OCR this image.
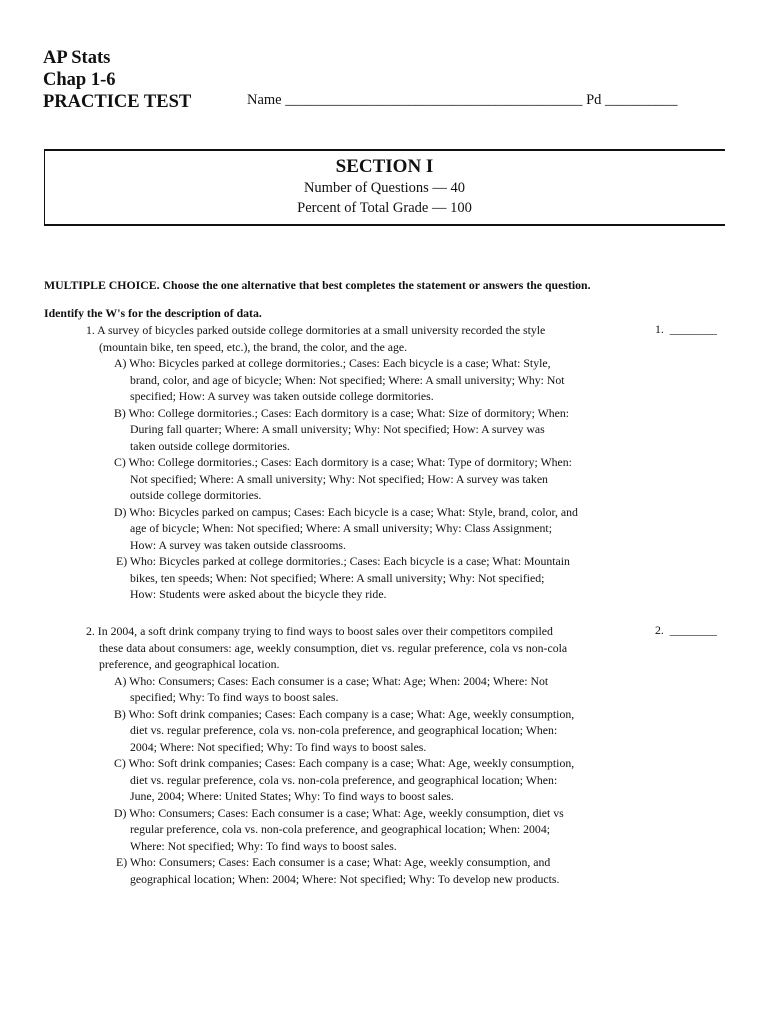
AP Stats
Chap 1-6
PRACTICE TEST	Name _________________________________________ Pd __________
SECTION I
Number of Questions — 40
Percent of Total Grade — 100
MULTIPLE CHOICE. Choose the one alternative that best completes the statement or answers the question.
Identify the W's for the description of data.
1.  ________
1. A survey of bicycles parked outside college dormitories at a small university recorded the style
(mountain bike, ten speed, etc.), the brand, the color, and the age.
A) Who: Bicycles parked at college dormitories.; Cases: Each bicycle is a case; What: Style,
brand, color, and age of bicycle; When: Not specified; Where: A small university; Why: Not
specified; How: A survey was taken outside college dormitories.
B) Who: College dormitories.; Cases: Each dormitory is a case; What: Size of dormitory; When:
During fall quarter; Where: A small university; Why: Not specified; How: A survey was
taken outside college dormitories.
C) Who: College dormitories.; Cases: Each dormitory is a case; What: Type of dormitory; When:
Not specified; Where: A small university; Why: Not specified; How: A survey was taken
outside college dormitories.
D) Who: Bicycles parked on campus; Cases: Each bicycle is a case; What: Style, brand, color, and
age of bicycle; When: Not specified; Where: A small university; Why: Class Assignment;
How: A survey was taken outside classrooms.
E) Who: Bicycles parked at college dormitories.; Cases: Each bicycle is a case; What: Mountain
bikes, ten speeds; When: Not specified; Where: A small university; Why: Not specified;
How: Students were asked about the bicycle they ride.
2.  ________
2. In 2004, a soft drink company trying to find ways to boost sales over their competitors compiled
these data about consumers: age, weekly consumption, diet vs. regular preference, cola vs non-cola
preference, and geographical location.
A) Who: Consumers; Cases: Each consumer is a case; What: Age; When: 2004; Where: Not
specified; Why: To find ways to boost sales.
B) Who: Soft drink companies; Cases: Each company is a case; What: Age, weekly consumption,
diet vs. regular preference, cola vs. non-cola preference, and geographical location; When:
2004; Where: Not specified; Why: To find ways to boost sales.
C) Who: Soft drink companies; Cases: Each company is a case; What: Age, weekly consumption,
diet vs. regular preference, cola vs. non-cola preference, and geographical location; When:
June, 2004; Where: United States; Why: To find ways to boost sales.
D) Who: Consumers; Cases: Each consumer is a case; What: Age, weekly consumption, diet vs
regular preference, cola vs. non-cola preference, and geographical location; When: 2004;
Where: Not specified; Why: To find ways to boost sales.
E) Who: Consumers; Cases: Each consumer is a case; What: Age, weekly consumption, and
geographical location; When: 2004; Where: Not specified; Why: To develop new products.
